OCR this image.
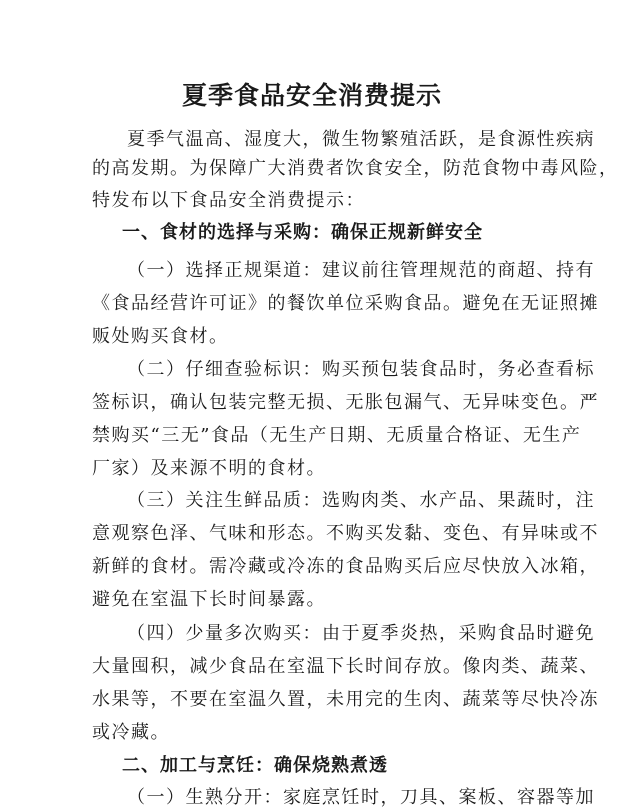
夏季食品安全消费提示
夏季气温高、湿度大，微生物繁殖活跃，是食源性疾病
的高发期。为保障广大消费者饮食安全，防范食物中毒风险，
特发布以下食品安全消费提示：
一、食材的选择与采购：确保正规新鲜安全
（一）选择正规渠道：建议前往管理规范的商超、持有
《食品经营许可证》的餐饮单位采购食品。避免在无证照摊
贩处购买食材。
（二）仔细查验标识：购买预包装食品时，务必查看标
签标识，确认包装完整无损、无胀包漏气、无异味变色。严
禁购买“三无”食品（无生产日期、无质量合格证、无生产
厂家）及来源不明的食材。
（三）关注生鲜品质：选购肉类、水产品、果蔬时，注
意观察色泽、气味和形态。不购买发黏、变色、有异味或不
新鲜的食材。需冷藏或冷冻的食品购买后应尽快放入冰箱，
避免在室温下长时间暴露。
（四）少量多次购买：由于夏季炎热，采购食品时避免
大量囤积，减少食品在室温下长时间存放。像肉类、蔬菜、
水果等，不要在室温久置，未用完的生肉、蔬菜等尽快冷冻
或冷藏。
二、加工与烹饪：确保烧熟煮透
（一）生熟分开：家庭烹饪时，刀具、案板、容器等加
